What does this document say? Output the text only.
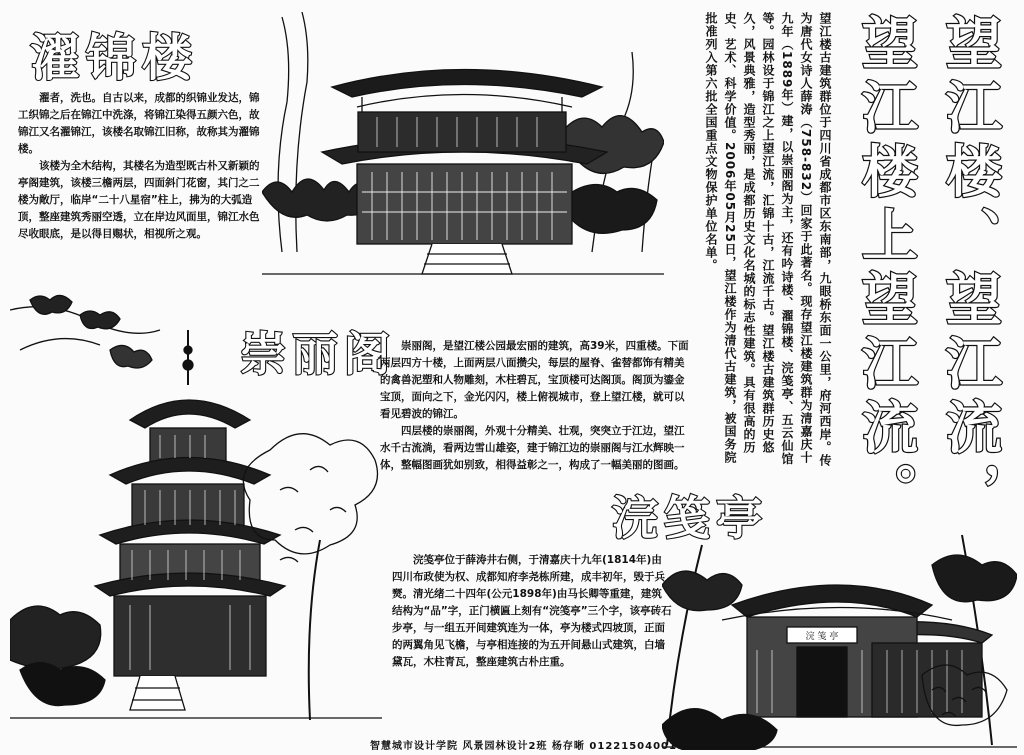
浣 笺 亭
濯锦楼

濯者，洗也。自古以来，成都的织锦业发达，锦工织锦之后在锦江中洗涤，将锦江染得五颜六色，故锦江又名濯锦江，该楼名取锦江旧称，故称其为濯锦楼。

该楼为全木结构，其楼名为造型既古朴又新颖的亭阁建筑，该楼三檐两层，四面斜门花窗，其门之二楼为敞厅，临岸“二十八星宿”柱上，拂为的大弧造顶，整座建筑秀丽空透，立在岸边风面里，锦江水色尽收眼底，是以得目赐状，相视所之观。	望江楼古建筑群位于四川省成都市区东南部，九眼桥东面一公里，府河西岸。传为唐代女诗人薛涛（758-832）回家于此著名。现存望江楼建筑群为清嘉庆十九年（1889年）建，以崇丽阁为主，还有吟诗楼、濯锦楼、浣笺亭、五云仙馆等。园林设于锦江之上望江流，汇锦十古，江流千古。望江楼古建筑群历史悠久，风景典雅，造型秀丽，是成都历史文化名城的标志性建筑。具有很高的历史、艺术、科学价值。2006年05月25日，望江楼作为清代古建筑，被国务院批准列入第六批全国重点文物保护单位名单。	望江楼、望江流，望江楼上望江流。
崇丽阁 崇丽阁，是望江楼公园最宏丽的建筑，高39米，四重楼。下面两层四方十楼，上面两层八面攒尖，每层的屋脊、雀替都饰有精美的禽兽泥塑和人物雕刻，木柱碧瓦，宝顶楼可达阁顶。阁顶为鎏金宝顶，面向之下，金光闪闪，楼上俯视城市，登上望江楼，就可以看见碧波的锦江。

四层楼的崇丽阁，外观十分精美、壮观，突突立于江边，望江水千古流淌，看两边雪山雄姿，建于锦江边的崇丽阁与江水辉映一体，整幅图画犹如别致，相得益彰之一，构成了一幅美丽的图画。

浣笺亭

浣笺亭位于薛涛井右侧，于清嘉庆十九年(1814年)由四川布政使为权、成都知府李尧栋所建，成丰初年，毁于兵燹。清光绪二十四年(公元1898年)由马长卿等重建，建筑结构为“品”字，正门横匾上刻有“浣笺亭”三个字，该亭砖石步亭，与一组五开间建筑连为一体，亭为楼式四坡顶，正面的两翼角见飞檐，与亭相连接的为五开间悬山式建筑，白墙黛瓦，木柱青瓦，整座建筑古朴庄重。

智慧城市设计学院 风景园林设计2班 杨存晰 012215040015
